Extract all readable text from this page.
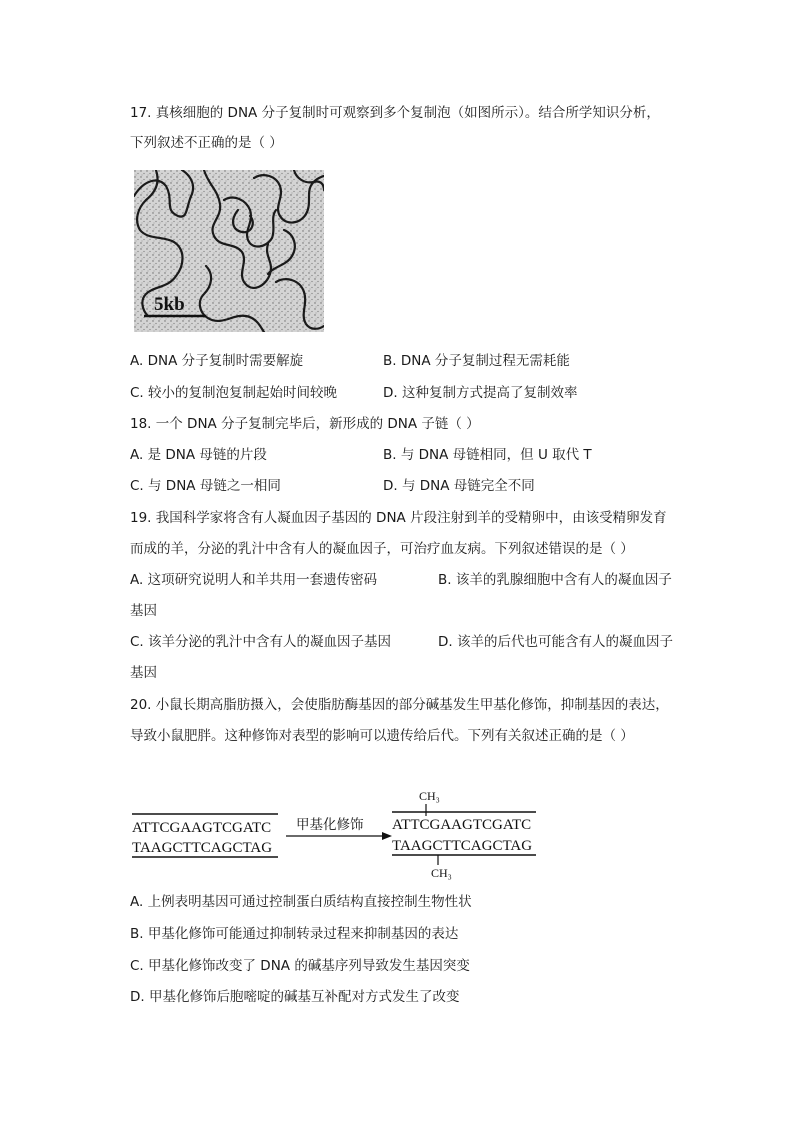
17. 真核细胞的 DNA 分子复制时可观察到多个复制泡（如图所示）。结合所学知识分析，
下列叙述不正确的是（ ）
5kb
A. DNA 分子复制时需要解旋	B. DNA 分子复制过程无需耗能
C. 较小的复制泡复制起始时间较晚	D. 这种复制方式提高了复制效率
18. 一个 DNA 分子复制完毕后，新形成的 DNA 子链（ ）
A. 是 DNA 母链的片段	B. 与 DNA 母链相同，但 U 取代 T
C. 与 DNA 母链之一相同	D. 与 DNA 母链完全不同
19. 我国科学家将含有人凝血因子基因的 DNA 片段注射到羊的受精卵中，由该受精卵发育
而成的羊，分泌的乳汁中含有人的凝血因子，可治疗血友病。下列叙述错误的是（ ）
A. 这项研究说明人和羊共用一套遗传密码	B. 该羊的乳腺细胞中含有人的凝血因子
基因
C. 该羊分泌的乳汁中含有人的凝血因子基因	D. 该羊的后代也可能含有人的凝血因子
基因
20. 小鼠长期高脂肪摄入，会使脂肪酶基因的部分碱基发生甲基化修饰，抑制基因的表达，
导致小鼠肥胖。这种修饰对表型的影响可以遗传给后代。下列有关叙述正确的是（ ）
ATTCGAAGTCGATC
TAAGCTTCAGCTAG
甲基化修饰
CH₃
ATTCGAAGTCGATC
TAAGCTTCAGCTAG
CH₃
A. 上例表明基因可通过控制蛋白质结构直接控制生物性状
B. 甲基化修饰可能通过抑制转录过程来抑制基因的表达
C. 甲基化修饰改变了 DNA 的碱基序列导致发生基因突变
D. 甲基化修饰后胞嘧啶的碱基互补配对方式发生了改变
